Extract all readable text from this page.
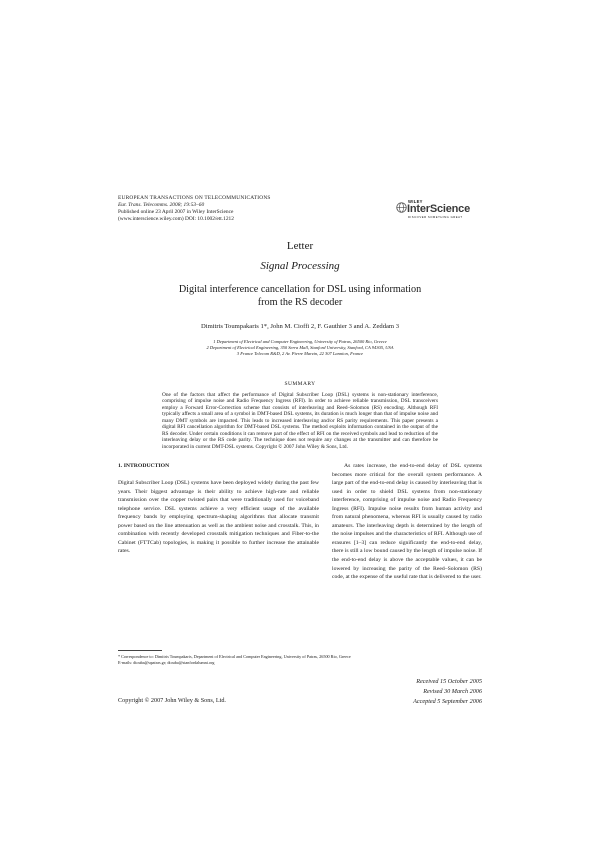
EUROPEAN TRANSACTIONS ON TELECOMMUNICATIONS
Eur. Trans. Telecomms. 2008; 19:53–60
Published online 23 April 2007 in Wiley InterScience
(www.interscience.wiley.com) DOI: 10.1002/ett.1212
WILEY
InterScience
DISCOVER SOMETHING GREAT
Letter
Signal Processing
Digital interference cancellation for DSL using information
from the RS decoder
Dimitris Toumpakaris 1*, John M. Cioffi 2, F. Gauthier 3 and A. Zeddam 3
1 Department of Electrical and Computer Engineering, University of Patras, 26500 Rio, Greece
2 Department of Electrical Engineering, 350 Serra Mall, Stanford University, Stanford, CA 94305, USA
3 France Telecom R&D, 2 Av. Pierre Marzin, 22 307 Lannion, France
SUMMARY
One of the factors that affect the performance of Digital Subscriber Loop (DSL) systems is non-stationary interference, comprising of impulse noise and Radio Frequency Ingress (RFI). In order to achieve reliable transmission, DSL transceivers employ a Forward Error-Correction scheme that consists of interleaving and Reed–Solomon (RS) encoding. Although RFI typically affects a small area of a symbol in DMT-based DSL systems, its duration is much longer than that of impulse noise and many DMT symbols are impacted. This leads to increased interleaving and/or RS parity requirements. This paper presents a digital RFI cancellation algorithm for DMT-based DSL systems. The method exploits information contained in the output of the RS decoder. Under certain conditions it can remove part of the effect of RFI on the received symbols and lead to reduction of the interleaving delay or the RS code parity. The technique does not require any changes at the transmitter and can therefore be incorporated in current DMT-DSL systems. Copyright © 2007 John Wiley & Sons, Ltd.
1. INTRODUCTION

Digital Subscriber Loop (DSL) systems have been deployed widely during the past few years. Their biggest advantage is their ability to achieve high-rate and reliable transmission over the copper twisted pairs that were traditionally used for voiceband telephone service. DSL systems achieve a very efficient usage of the available frequency bands by employing spectrum-shaping algorithms that allocate transmit power based on the line attenuation as well as the ambient noise and crosstalk. This, in combination with recently developed crosstalk mitigation techniques and Fiber-to-the Cabinet (FTTCab) topologies, is making it possible to further increase the attainable rates.

As rates increase, the end-to-end delay of DSL systems becomes more critical for the overall system performance. A large part of the end-to-end delay is caused by interleaving that is used in order to shield DSL systems from non-stationary interference, comprising of impulse noise and Radio Frequency Ingress (RFI). Impulse noise results from human activity and from natural phenomena, whereas RFI is usually caused by radio amateurs. The interleaving depth is determined by the length of the noise impulses and the characteristics of RFI. Although use of erasures [1–3] can reduce significantly the end-to-end delay, there is still a low bound caused by the length of impulse noise. If the end-to-end delay is above the acceptable values, it can be lowered by increasing the parity of the Reed–Solomon (RS) code, at the expense of the useful rate that is delivered to the user.

* Correspondence to: Dimitris Toumpakaris, Department of Electrical and Computer Engineering, University of Patras, 26500 Rio, Greece
E-mails: dtouba@upatras.gr; dtouba@stanfordalumni.org
Copyright © 2007 John Wiley & Sons, Ltd.
Received 15 October 2005
Revised 30 March 2006
Accepted 5 September 2006
